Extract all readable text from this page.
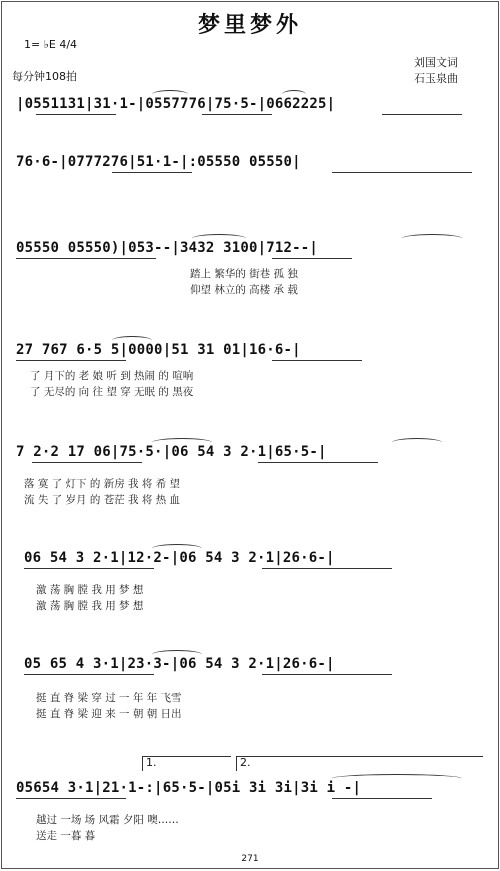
梦里梦外
1= ♭E 4/4
每分钟108拍
刘国文词
石玉泉曲
|0551131|31·1-|0557776|75·5-|0662225|
76·6-|0777276|51·1-|:05550 05550|
05550 05550)|053--|3432 3100|712--|
踏上 繁华的 街巷 孤 独
仰望 林立的 高楼 承 载
27 767 6·5 5|0000|51 31 01|16·6-|
了 月下的 老 娘 听 到 热闹 的 喧响
了 无尽的 向 往 望 穿 无眠 的 黑夜
7 2·2 17 06|75·5·|06 54 3 2·1|65·5-|
落 寞 了 灯下 的 新房 我 将 希 望
流 失 了 岁月 的 苍茫 我 将 热 血
06 54 3 2·1|12·2-|06 54 3 2·1|26·6-|
激 荡 胸 膛 我 用 梦 想
激 荡 胸 膛 我 用 梦 想
05 65 4 3·1|23·3-|06 54 3 2·1|26·6-|
挺 直 脊 梁 穿 过 一 年 年 飞雪
挺 直 脊 梁 迎 来 一 朝 朝 日出
1.	2.
05654 3·1|21·1-:|65·5-|05i 3i 3i|3i i -|
越过 一场 场 风霜 夕阳 噢……
送走 一暮 暮
271
